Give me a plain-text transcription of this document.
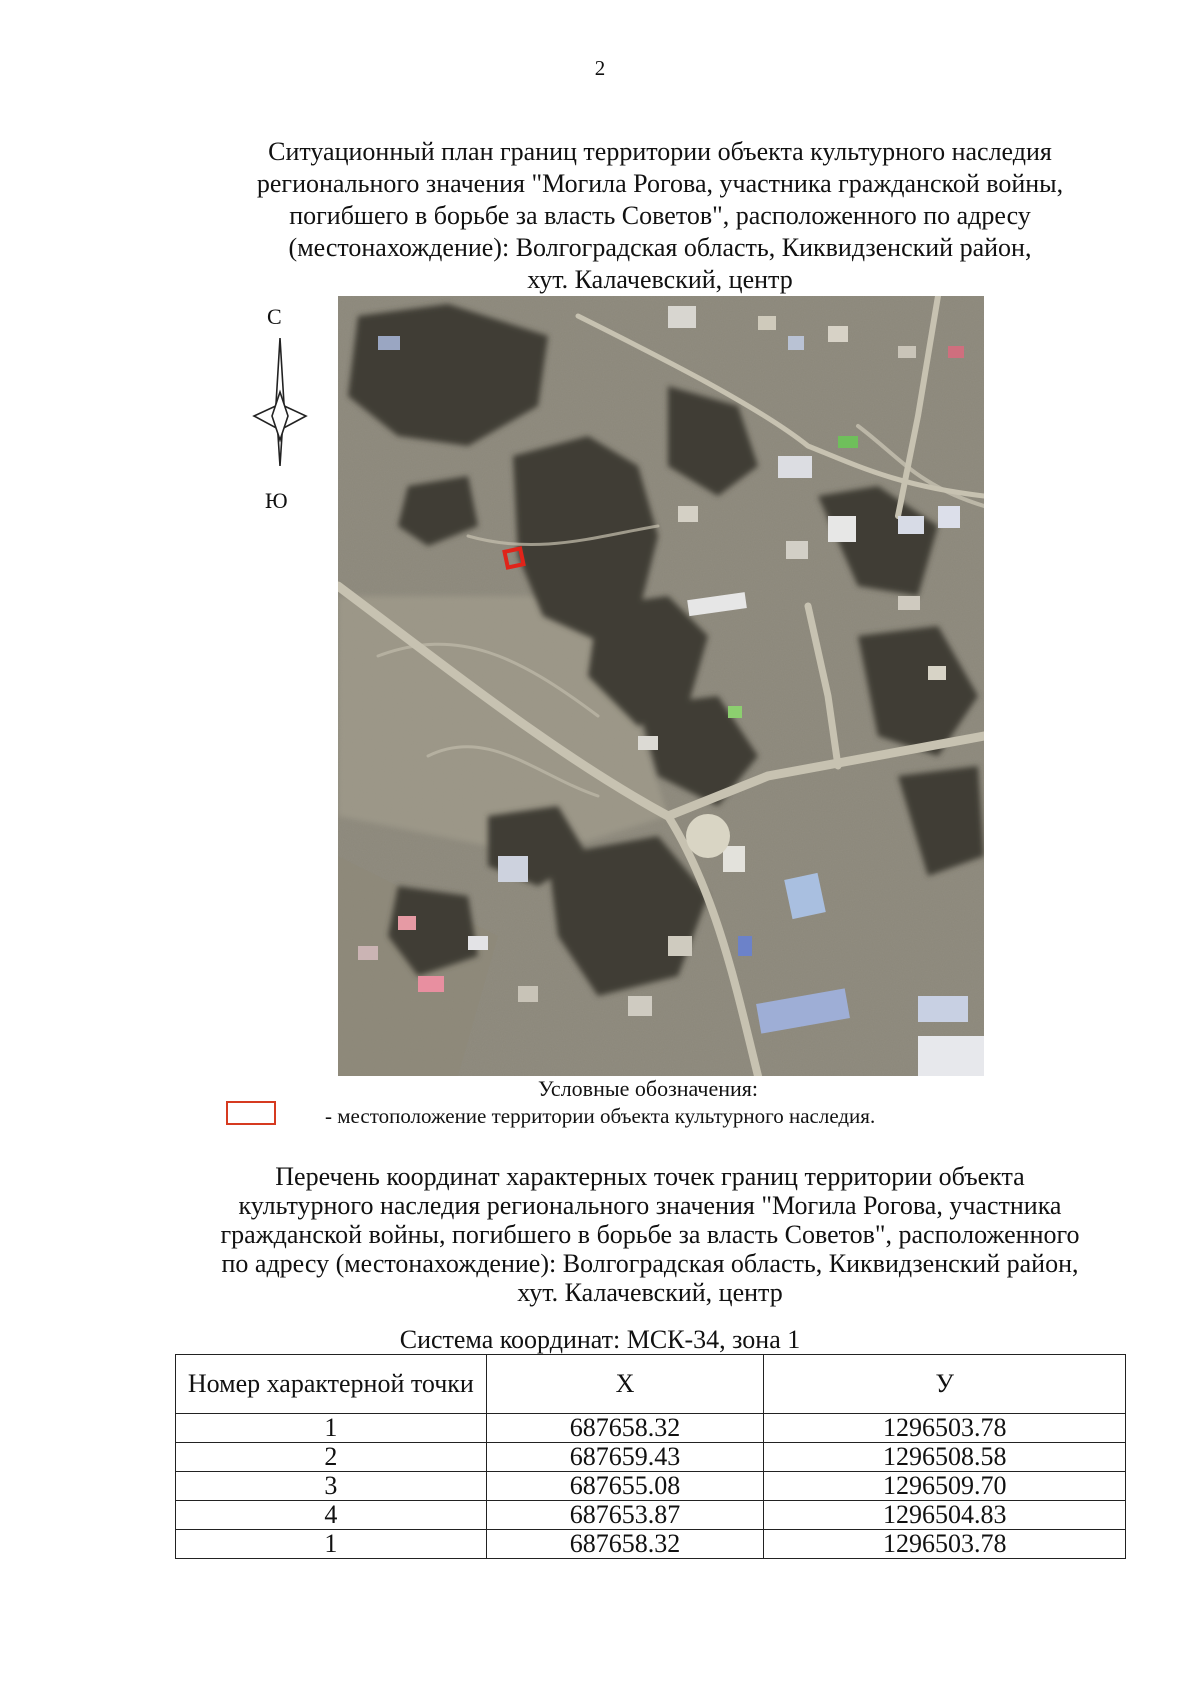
2
Ситуационный план границ территории объекта культурного наследия
регионального значения "Могила Рогова, участника гражданской войны,
погибшего в борьбе за власть Советов", расположенного по адресу
(местонахождение): Волгоградская область, Киквидзенский район,
хут. Калачевский, центр
С
Ю
Условные обозначения:
- местоположение территории объекта культурного наследия.
Перечень координат характерных точек границ территории объекта
культурного наследия регионального значения "Могила Рогова, участника
гражданской войны, погибшего в борьбе за власть Советов", расположенного
по адресу (местонахождение): Волгоградская область, Киквидзенский район,
хут. Калачевский, центр
Система координат: МСК-34, зона 1
Номер характерной точки	X	У
1	687658.32	1296503.78
2	687659.43	1296508.58
3	687655.08	1296509.70
4	687653.87	1296504.83
1	687658.32	1296503.78
